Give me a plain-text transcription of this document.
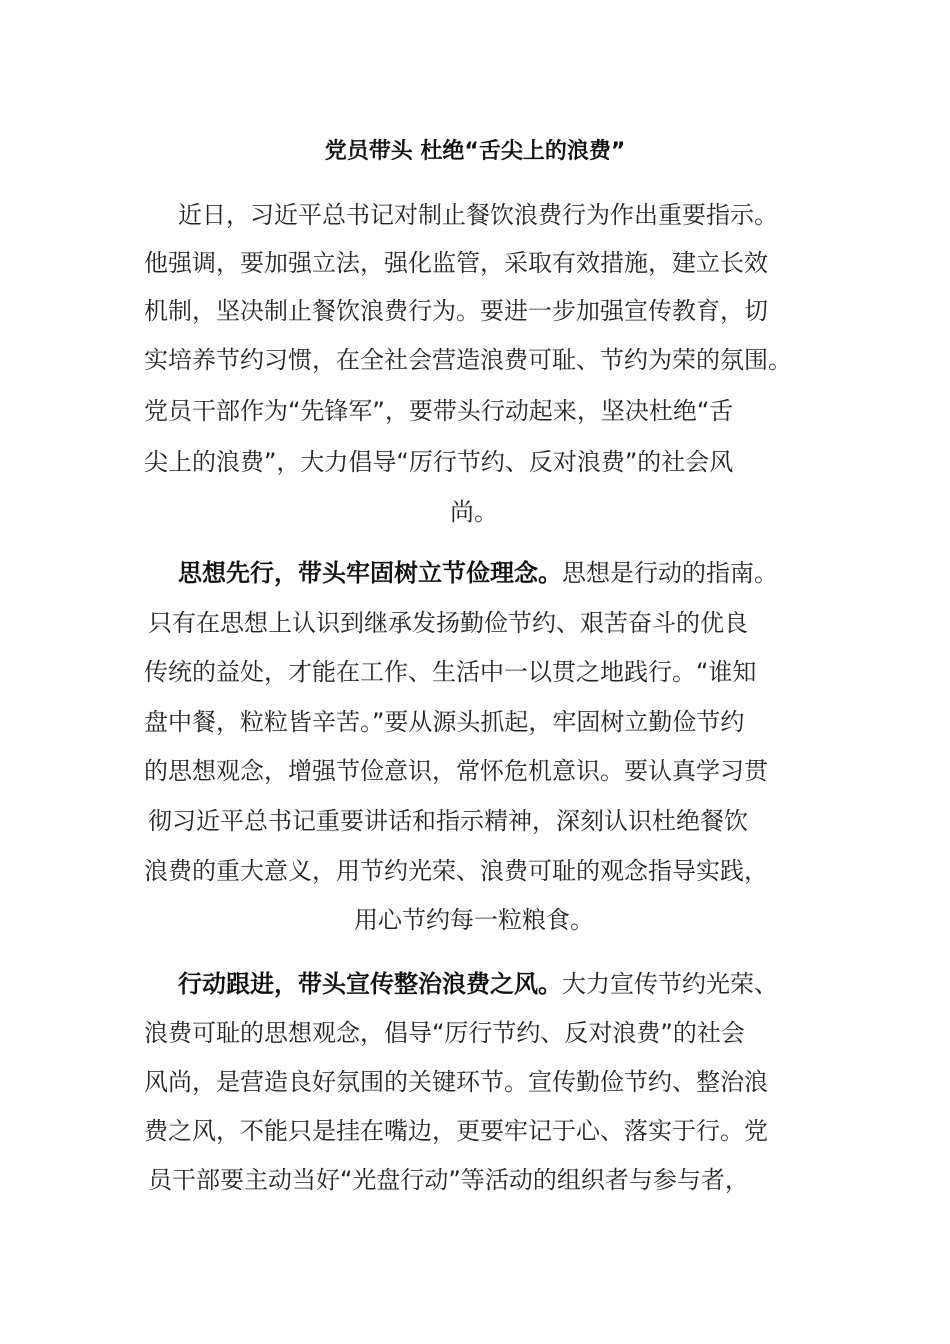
党员带头 杜绝“舌尖上的浪费”
近日，习近平总书记对制止餐饮浪费行为作出重要指示。
他强调，要加强立法，强化监管，采取有效措施，建立长效
机制，坚决制止餐饮浪费行为。要进一步加强宣传教育，切
实培养节约习惯，在全社会营造浪费可耻、节约为荣的氛围。
党员干部作为“先锋军”，要带头行动起来，坚决杜绝“舌
尖上的浪费”，大力倡导“厉行节约、反对浪费”的社会风
尚。
思想先行，带头牢固树立节俭理念。思想是行动的指南。
只有在思想上认识到继承发扬勤俭节约、艰苦奋斗的优良
传统的益处，才能在工作、生活中一以贯之地践行。“谁知
盘中餐，粒粒皆辛苦。”要从源头抓起，牢固树立勤俭节约
的思想观念，增强节俭意识，常怀危机意识。要认真学习贯
彻习近平总书记重要讲话和指示精神，深刻认识杜绝餐饮
浪费的重大意义，用节约光荣、浪费可耻的观念指导实践，
用心节约每一粒粮食。
行动跟进，带头宣传整治浪费之风。大力宣传节约光荣、
浪费可耻的思想观念，倡导“厉行节约、反对浪费”的社会
风尚，是营造良好氛围的关键环节。宣传勤俭节约、整治浪
费之风，不能只是挂在嘴边，更要牢记于心、落实于行。党
员干部要主动当好“光盘行动”等活动的组织者与参与者，
